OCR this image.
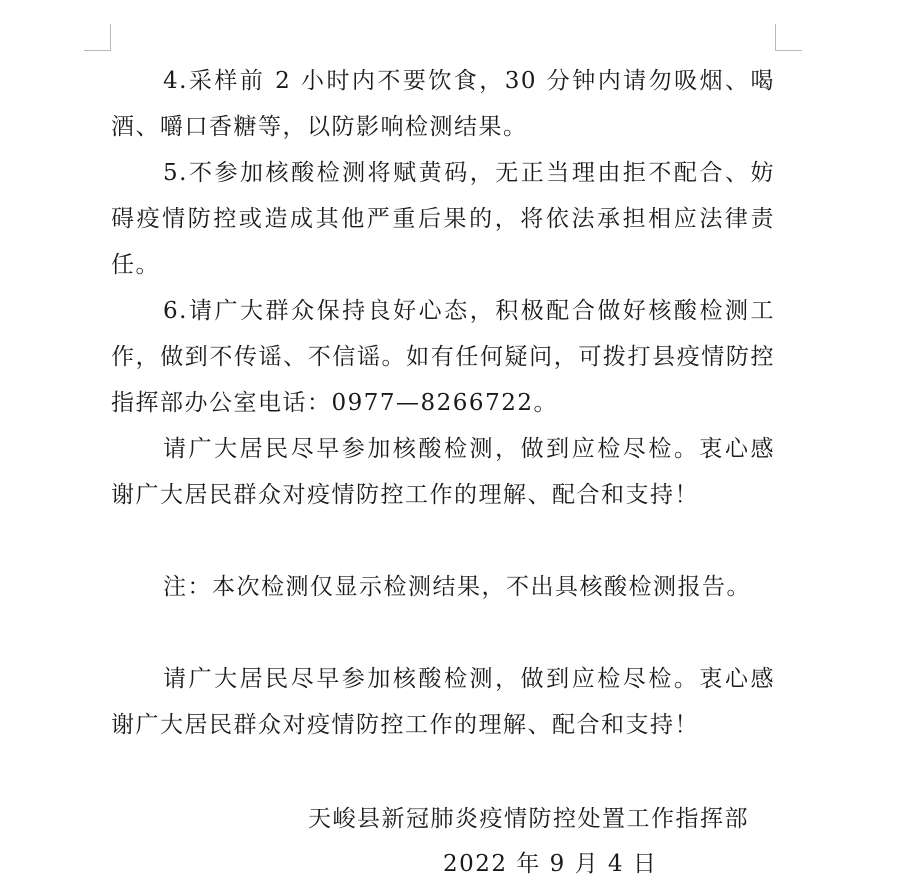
4.采样前 2 小时内不要饮食，30 分钟内请勿吸烟、喝酒、嚼口香糖等，以防影响检测结果。

5.不参加核酸检测将赋黄码，无正当理由拒不配合、妨碍疫情防控或造成其他严重后果的，将依法承担相应法律责任。

6.请广大群众保持良好心态，积极配合做好核酸检测工作，做到不传谣、不信谣。如有任何疑问，可拨打县疫情防控指挥部办公室电话：0977—8266722。

请广大居民尽早参加核酸检测，做到应检尽检。衷心感谢广大居民群众对疫情防控工作的理解、配合和支持！

注：本次检测仅显示检测结果，不出具核酸检测报告。

请广大居民尽早参加核酸检测，做到应检尽检。衷心感谢广大居民群众对疫情防控工作的理解、配合和支持！

天峻县新冠肺炎疫情防控处置工作指挥部
2022 年 9 月 4 日
